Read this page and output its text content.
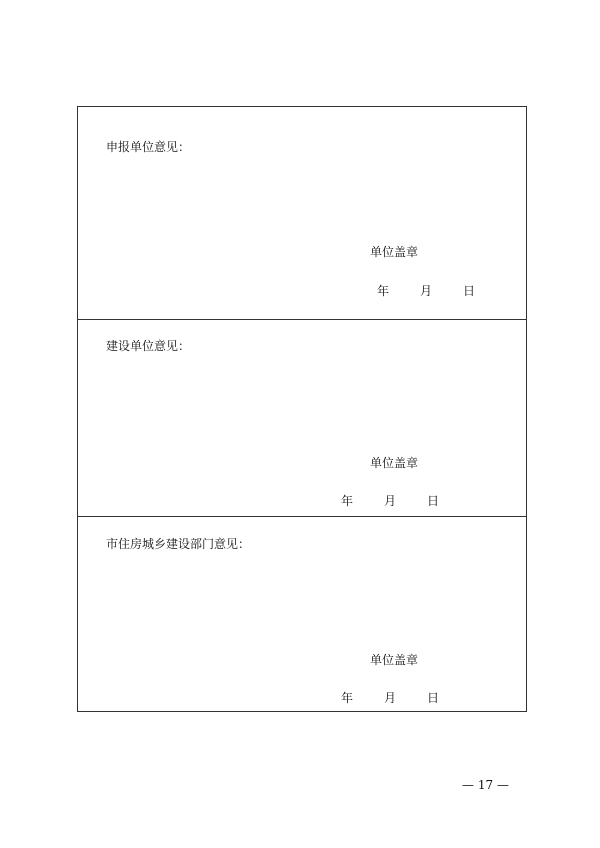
申报单位意见：
单位盖章
年	月	日
建设单位意见：
单位盖章
年	月	日
市住房城乡建设部门意见：
单位盖章
年	月	日
— 17 —
